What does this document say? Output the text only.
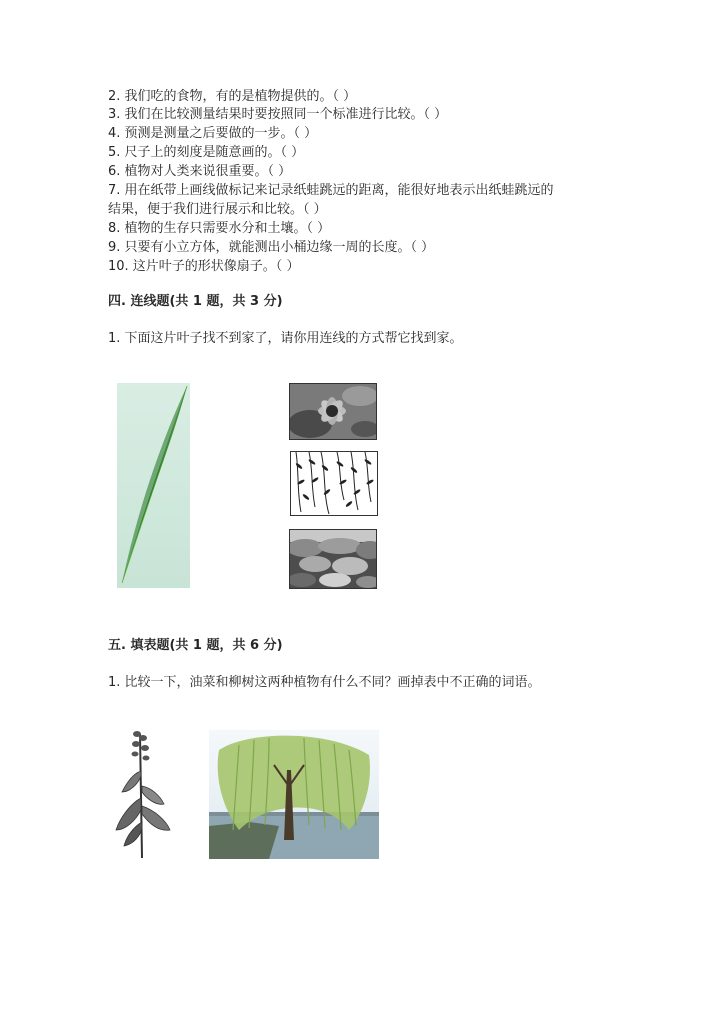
2. 我们吃的食物，有的是植物提供的。（ ）
3. 我们在比较测量结果时要按照同一个标准进行比较。（ ）
4. 预测是测量之后要做的一步。（ ）
5. 尺子上的刻度是随意画的。（ ）
6. 植物对人类来说很重要。（ ）
7. 用在纸带上画线做标记来记录纸蛙跳远的距离，能很好地表示出纸蛙跳远的
结果，便于我们进行展示和比较。（ ）
8. 植物的生存只需要水分和土壤。（ ）
9. 只要有小立方体，就能测出小桶边缘一周的长度。（ ）
10. 这片叶子的形状像扇子。（ ）
四. 连线题(共 1 题，共 3 分)
1. 下面这片叶子找不到家了，请你用连线的方式帮它找到家。
五. 填表题(共 1 题，共 6 分)
1. 比较一下，油菜和柳树这两种植物有什么不同？画掉表中不正确的词语。
